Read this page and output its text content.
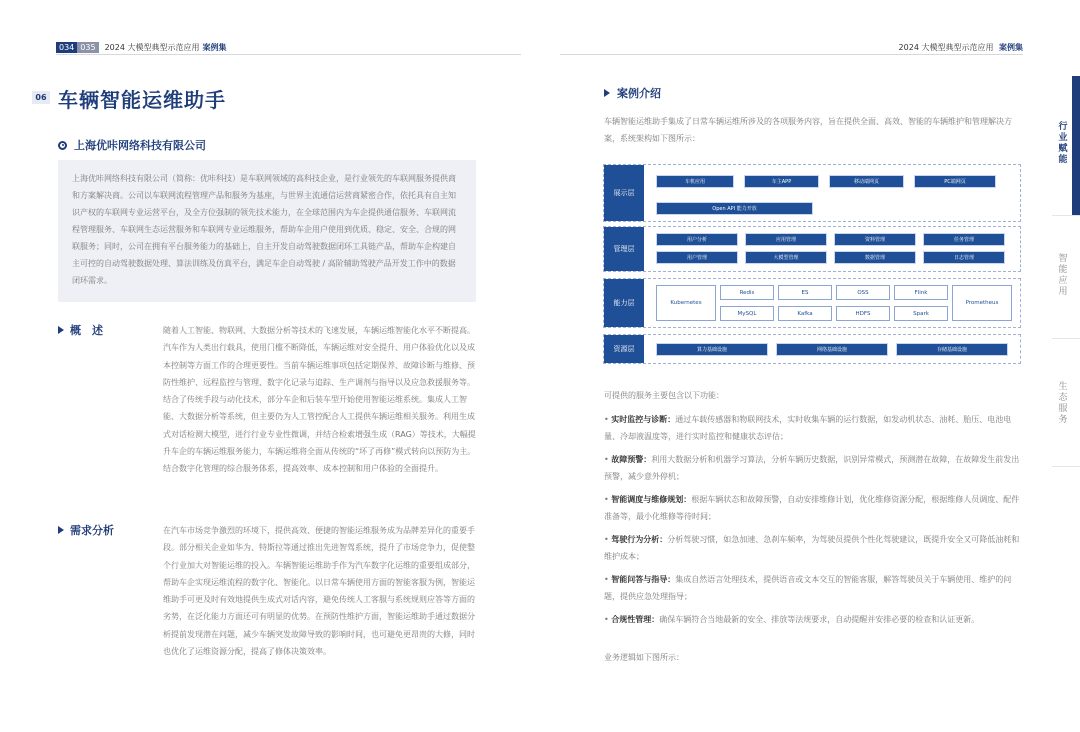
034 035	2024 大模型典型示范应用 案例集	2024 大模型典型示范应用 案例集
06 车辆智能运维助手
上海优咔网络科技有限公司
上海优咔网络科技有限公司（简称：优咔科技）是车联网领域的高科技企业，是行业领先的车联网服务提供商和方案解决商。公司以车联网流程管理产品和服务为基座，与世界主流通信运营商紧密合作，依托具有自主知识产权的车联网专业运营平台，及全方位强制的领先技术能力，在全球范围内为车企提供通信服务、车联网流程管理服务、车联网生态运营服务和车联网专业运维服务，帮助车企用户使用到优质、稳定、安全、合规的网联服务；同时，公司在拥有平台服务能力的基础上，自主开发自动驾驶数据闭环工具链产品，帮助车企构建自主可控的自动驾驶数据处理、算法训练及仿真平台，满足车企自动驾驶 / 高阶辅助驾驶产品开发工作中的数据闭环需求。
概　述	随着人工智能、物联网、大数据分析等技术的飞速发展，车辆运维智能化水平不断提高。汽车作为人类出行载具，使用门槛不断降低，车辆运维对安全提升、用户体验优化以及成本控制等方面工作的合理更要性。当前车辆运维事项包括定期保养、故障诊断与维修、预防性维护、远程监控与管理、数字化记录与追踪、生产调剂与指导以及应急救援服务等。结合了传统手段与动化技术，部分车企和后装车型开始使用智能运维系统。集成人工智能、大数据分析等系统，但主要仍为人工管控配合人工提供车辆运维相关服务。利用生成式对话检测大模型，进行行业专业性微调，并结合检索增强生成（RAG）等技术，大幅提升车企的车辆运维服务能力，车辆运维将全面从传统的“坏了再修”模式转向以预防为主。结合数字化管理的综合服务体系，提高效率、成本控制和用户体验的全面提升。
需求分析	在汽车市场竞争激烈的环境下，提供高效、便捷的智能运维服务成为品牌差异化的重要手段。部分相关企业如华为、特斯拉等通过推出先进智驾系统，提升了市场竞争力，促使整个行业加大对智能运维的投入。车辆智能运维助手作为汽车数字化运维的重要组成部分，帮助车企实现运维流程的数字化、智能化。以日常车辆使用方面的智能客服为例，智能运维助手可更及时有效地提供生成式对话内容，避免传统人工客服与系统规则应答等方面的劣势，在泛化能力方面还可有明显的优势。在预防性维护方面，智能运维助手通过数据分析提前发现潜在问题，减少车辆突发故障导致的影响时间，也可避免更昂贵的大修，同时也优化了运维资源分配，提高了修体决策效率。
案例介绍
车辆智能运维助手集成了日常车辆运维所涉及的各项服务内容，旨在提供全面、高效、智能的车辆维护和管理解决方案，系统架构如下图所示：
展示层
车机应用	车主APP	移动端网页	PC端网页
Open API 能力开放
管理层
用户分析	应用管理	资料管理	任务管理
用户管理	大模型管理	数据管理	日志管理
能力层	Kubernetes
Redis	ES	OSS	Flink
Prometheus
MySQL	Kafka	HDFS	Spark
资源层	算力基础设施	网络基础设施	存储基础设施
可提供的服务主要包含以下功能：
• 实时监控与诊断：通过车载传感器和物联网技术，实时收集车辆的运行数据，如发动机状态、油耗、胎压、电池电量、冷却液温度等，进行实时监控和健康状态评估；
• 故障预警：利用大数据分析和机器学习算法，分析车辆历史数据，识别异常模式，预测潜在故障，在故障发生前发出预警，减少意外停机；
• 智能调度与维修规划：根据车辆状态和故障预警，自动安排维修计划，优化维修资源分配，根据维修人员调度、配件准备等，最小化维修等待时间；
• 驾驶行为分析：分析驾驶习惯，如急加速、急刹车频率，为驾驶员提供个性化驾驶建议，既提升安全又可降低油耗和维护成本；
• 智能问答与指导：集成自然语言处理技术，提供语音或文本交互的智能客服，解答驾驶员关于车辆使用、维护的问题，提供应急处理指导；
• 合规性管理：确保车辆符合当地最新的安全、排放等法规要求，自动提醒并安排必要的检查和认证更新。
业务逻辑如下图所示：
行业赋能
智能应用
生态服务
